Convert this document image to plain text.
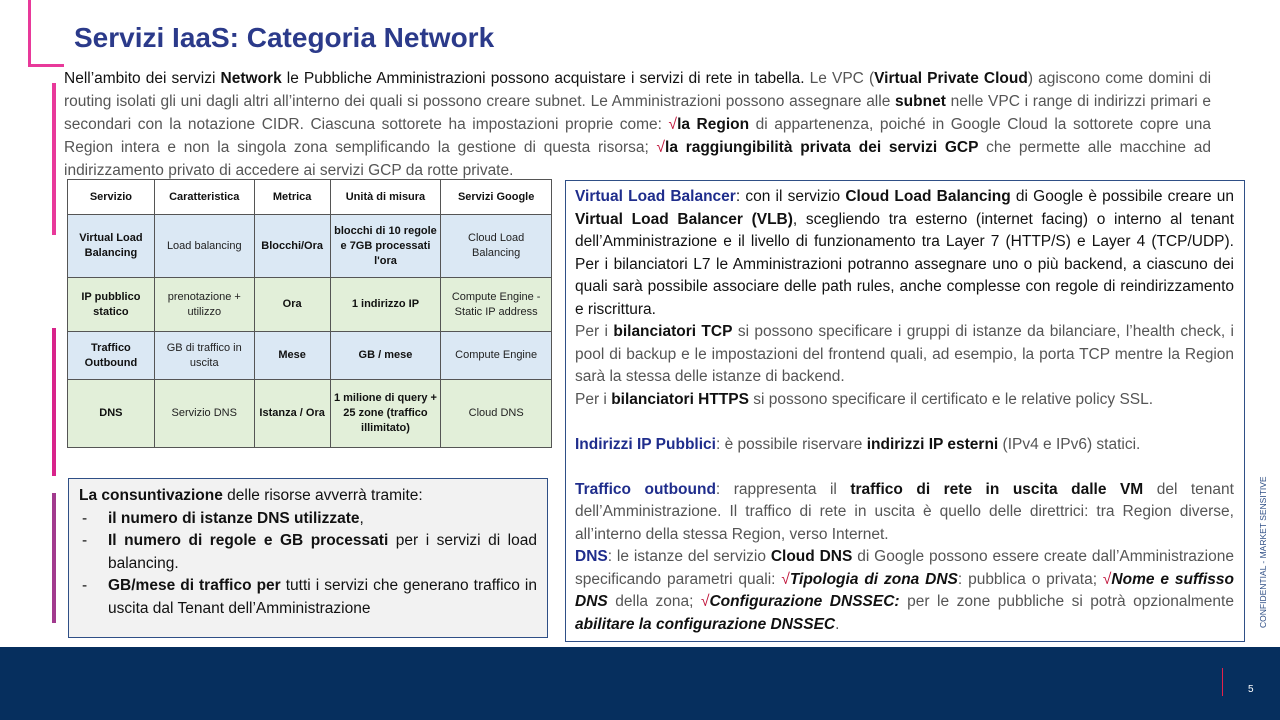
Servizi IaaS: Categoria Network
Nell’ambito dei servizi Network le Pubbliche Amministrazioni possono acquistare i servizi di rete in tabella. Le VPC (Virtual Private Cloud) agiscono come domini di routing isolati gli uni dagli altri all’interno dei quali si possono creare subnet. Le Amministrazioni possono assegnare alle subnet nelle VPC i range di indirizzi primari e secondari con la notazione CIDR. Ciascuna sottorete ha impostazioni proprie come: √la Region di appartenenza, poiché in Google Cloud la sottorete copre una Region intera e non la singola zona semplificando la gestione di questa risorsa; √la raggiungibilità privata dei servizi GCP che permette alle macchine ad indirizzamento privato di accedere ai servizi GCP da rotte private.
Servizio	Caratteristica	Metrica	Unità di misura	Servizi Google
Virtual Load Balancing	Load balancing	Blocchi/Ora	blocchi di 10 regole e 7GB processati l'ora	Cloud Load Balancing
IP pubblico statico	prenotazione + utilizzo	Ora	1 indirizzo IP	Compute Engine - Static IP address
Traffico Outbound	GB di traffico in uscita	Mese	GB / mese	Compute Engine
DNS	Servizio DNS	Istanza / Ora	1 milione di query + 25 zone (traffico illimitato)	Cloud DNS
La consuntivazione delle risorse avverrà tramite:
- il numero di istanze DNS utilizzate,
- Il numero di regole e GB processati per i servizi di load balancing.
- GB/mese di traffico per tutti i servizi che generano traffico in uscita dal Tenant dell’Amministrazione

Virtual Load Balancer: con il servizio Cloud Load Balancing di Google è possibile creare un Virtual Load Balancer (VLB), scegliendo tra esterno (internet facing) o interno al tenant dell’Amministrazione e il livello di funzionamento tra Layer 7 (HTTP/S) e Layer 4 (TCP/UDP). Per i bilanciatori L7 le Amministrazioni potranno assegnare uno o più backend, a ciascuno dei quali sarà possibile associare delle path rules, anche complesse con regole di reindirizzamento e riscrittura.

Per i bilanciatori TCP si possono specificare i gruppi di istanze da bilanciare, l’health check, i pool di backup e le impostazioni del frontend quali, ad esempio, la porta TCP mentre la Region sarà la stessa delle istanze di backend.

Per i bilanciatori HTTPS si possono specificare il certificato e le relative policy SSL.

Indirizzi IP Pubblici: è possibile riservare indirizzi IP esterni (IPv4 e IPv6) statici.

Traffico outbound: rappresenta il traffico di rete in uscita dalle VM del tenant dell’Amministrazione. Il traffico di rete in uscita è quello delle direttrici: tra Region diverse, all’interno della stessa Region, verso Internet.

DNS: le istanze del servizio Cloud DNS di Google possono essere create dall’Amministrazione specificando parametri quali: √Tipologia di zona DNS: pubblica o privata; √Nome e suffisso DNS della zona; √Configurazione DNSSEC: per le zone pubbliche si potrà opzionalmente abilitare la configurazione DNSSEC.	CONFIDENTIAL - MARKET SENSITIVE
5
